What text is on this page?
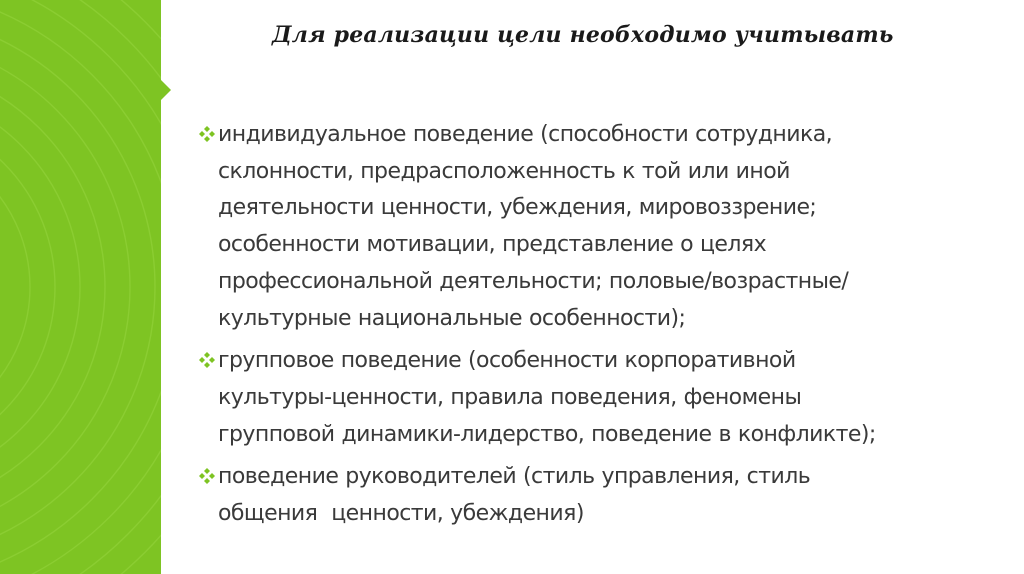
Для реализации цели необходимо учитывать
индивидуальное поведение (способности сотрудника,
склонности, предрасположенность к той или иной
деятельности ценности, убеждения, мировоззрение;
особенности мотивации, представление о целях
профессиональной деятельности; половые/возрастные/
культурные национальные особенности);
групповое поведение (особенности корпоративной
культуры-ценности, правила поведения, феномены
групповой динамики-лидерство, поведение в конфликте);
поведение руководителей (стиль управления, стиль
общения  ценности, убеждения)
